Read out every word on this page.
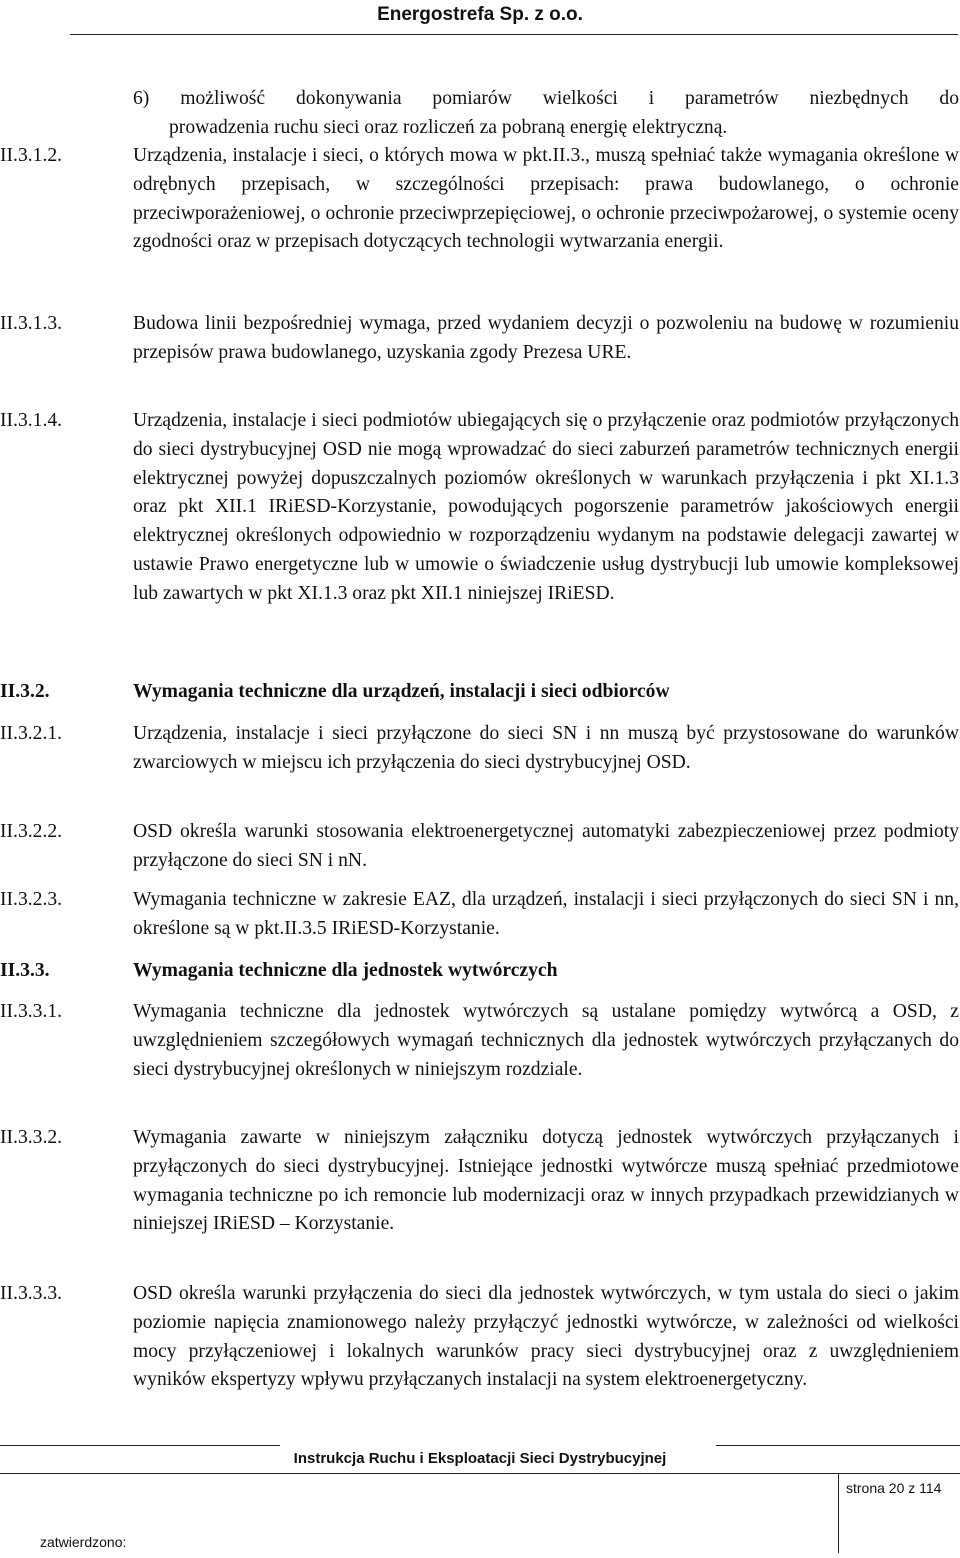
Energostrefa Sp. z o.o.
6) możliwość dokonywania pomiarów wielkości i parametrów niezbędnych do
prowadzenia ruchu sieci oraz rozliczeń za pobraną energię elektryczną.
II.3.1.2.	Urządzenia, instalacje i sieci, o których mowa w pkt.II.3., muszą spełniać także wymagania określone w odrębnych przepisach, w szczególności przepisach: prawa budowlanego, o ochronie przeciwporażeniowej, o ochronie przeciwprzepięciowej, o ochronie przeciwpożarowej, o systemie oceny zgodności oraz w przepisach dotyczących technologii wytwarzania energii.
II.3.1.3.	Budowa linii bezpośredniej wymaga, przed wydaniem decyzji o pozwoleniu na budowę w rozumieniu przepisów prawa budowlanego, uzyskania zgody Prezesa URE.
II.3.1.4.	Urządzenia, instalacje i sieci podmiotów ubiegających się o przyłączenie oraz podmiotów przyłączonych do sieci dystrybucyjnej OSD nie mogą wprowadzać do sieci zaburzeń parametrów technicznych energii elektrycznej powyżej dopuszczalnych poziomów określonych w warunkach przyłączenia i pkt XI.1.3 oraz pkt XII.1 IRiESD-Korzystanie, powodujących pogorszenie parametrów jakościowych energii elektrycznej określonych odpowiednio w rozporządzeniu wydanym na podstawie delegacji zawartej w ustawie Prawo energetyczne lub w umowie o świadczenie usług dystrybucji lub umowie kompleksowej lub zawartych w pkt XI.1.3 oraz pkt XII.1 niniejszej IRiESD.
II.3.2.	Wymagania techniczne dla urządzeń, instalacji i sieci odbiorców
II.3.2.1.	Urządzenia, instalacje i sieci przyłączone do sieci SN i nn muszą być przystosowane do warunków zwarciowych w miejscu ich przyłączenia do sieci dystrybucyjnej OSD.
II.3.2.2.	OSD określa warunki stosowania elektroenergetycznej automatyki zabezpieczeniowej przez podmioty przyłączone do sieci SN i nN.
II.3.2.3.	Wymagania techniczne w zakresie EAZ, dla urządzeń, instalacji i sieci przyłączonych do sieci SN i nn, określone są w pkt.II.3.5 IRiESD-Korzystanie.
II.3.3.	Wymagania techniczne dla jednostek wytwórczych
II.3.3.1.	Wymagania techniczne dla jednostek wytwórczych są ustalane pomiędzy wytwórcą a OSD, z uwzględnieniem szczegółowych wymagań technicznych dla jednostek wytwórczych przyłączanych do sieci dystrybucyjnej określonych w niniejszym rozdziale.
II.3.3.2.	Wymagania zawarte w niniejszym załączniku dotyczą jednostek wytwórczych przyłączanych i przyłączonych do sieci dystrybucyjnej. Istniejące jednostki wytwórcze muszą spełniać przedmiotowe wymagania techniczne po ich remoncie lub modernizacji oraz w innych przypadkach przewidzianych w niniejszej IRiESD – Korzystanie.
II.3.3.3.	OSD określa warunki przyłączenia do sieci dla jednostek wytwórczych, w tym ustala do sieci o jakim poziomie napięcia znamionowego należy przyłączyć jednostki wytwórcze, w zależności od wielkości mocy przyłączeniowej i lokalnych warunków pracy sieci dystrybucyjnej oraz z uwzględnieniem wyników ekspertyzy wpływu przyłączanych instalacji na system elektroenergetyczny.
Instrukcja Ruchu i Eksploatacji Sieci Dystrybucyjnej
strona 20 z 114
zatwierdzono:
